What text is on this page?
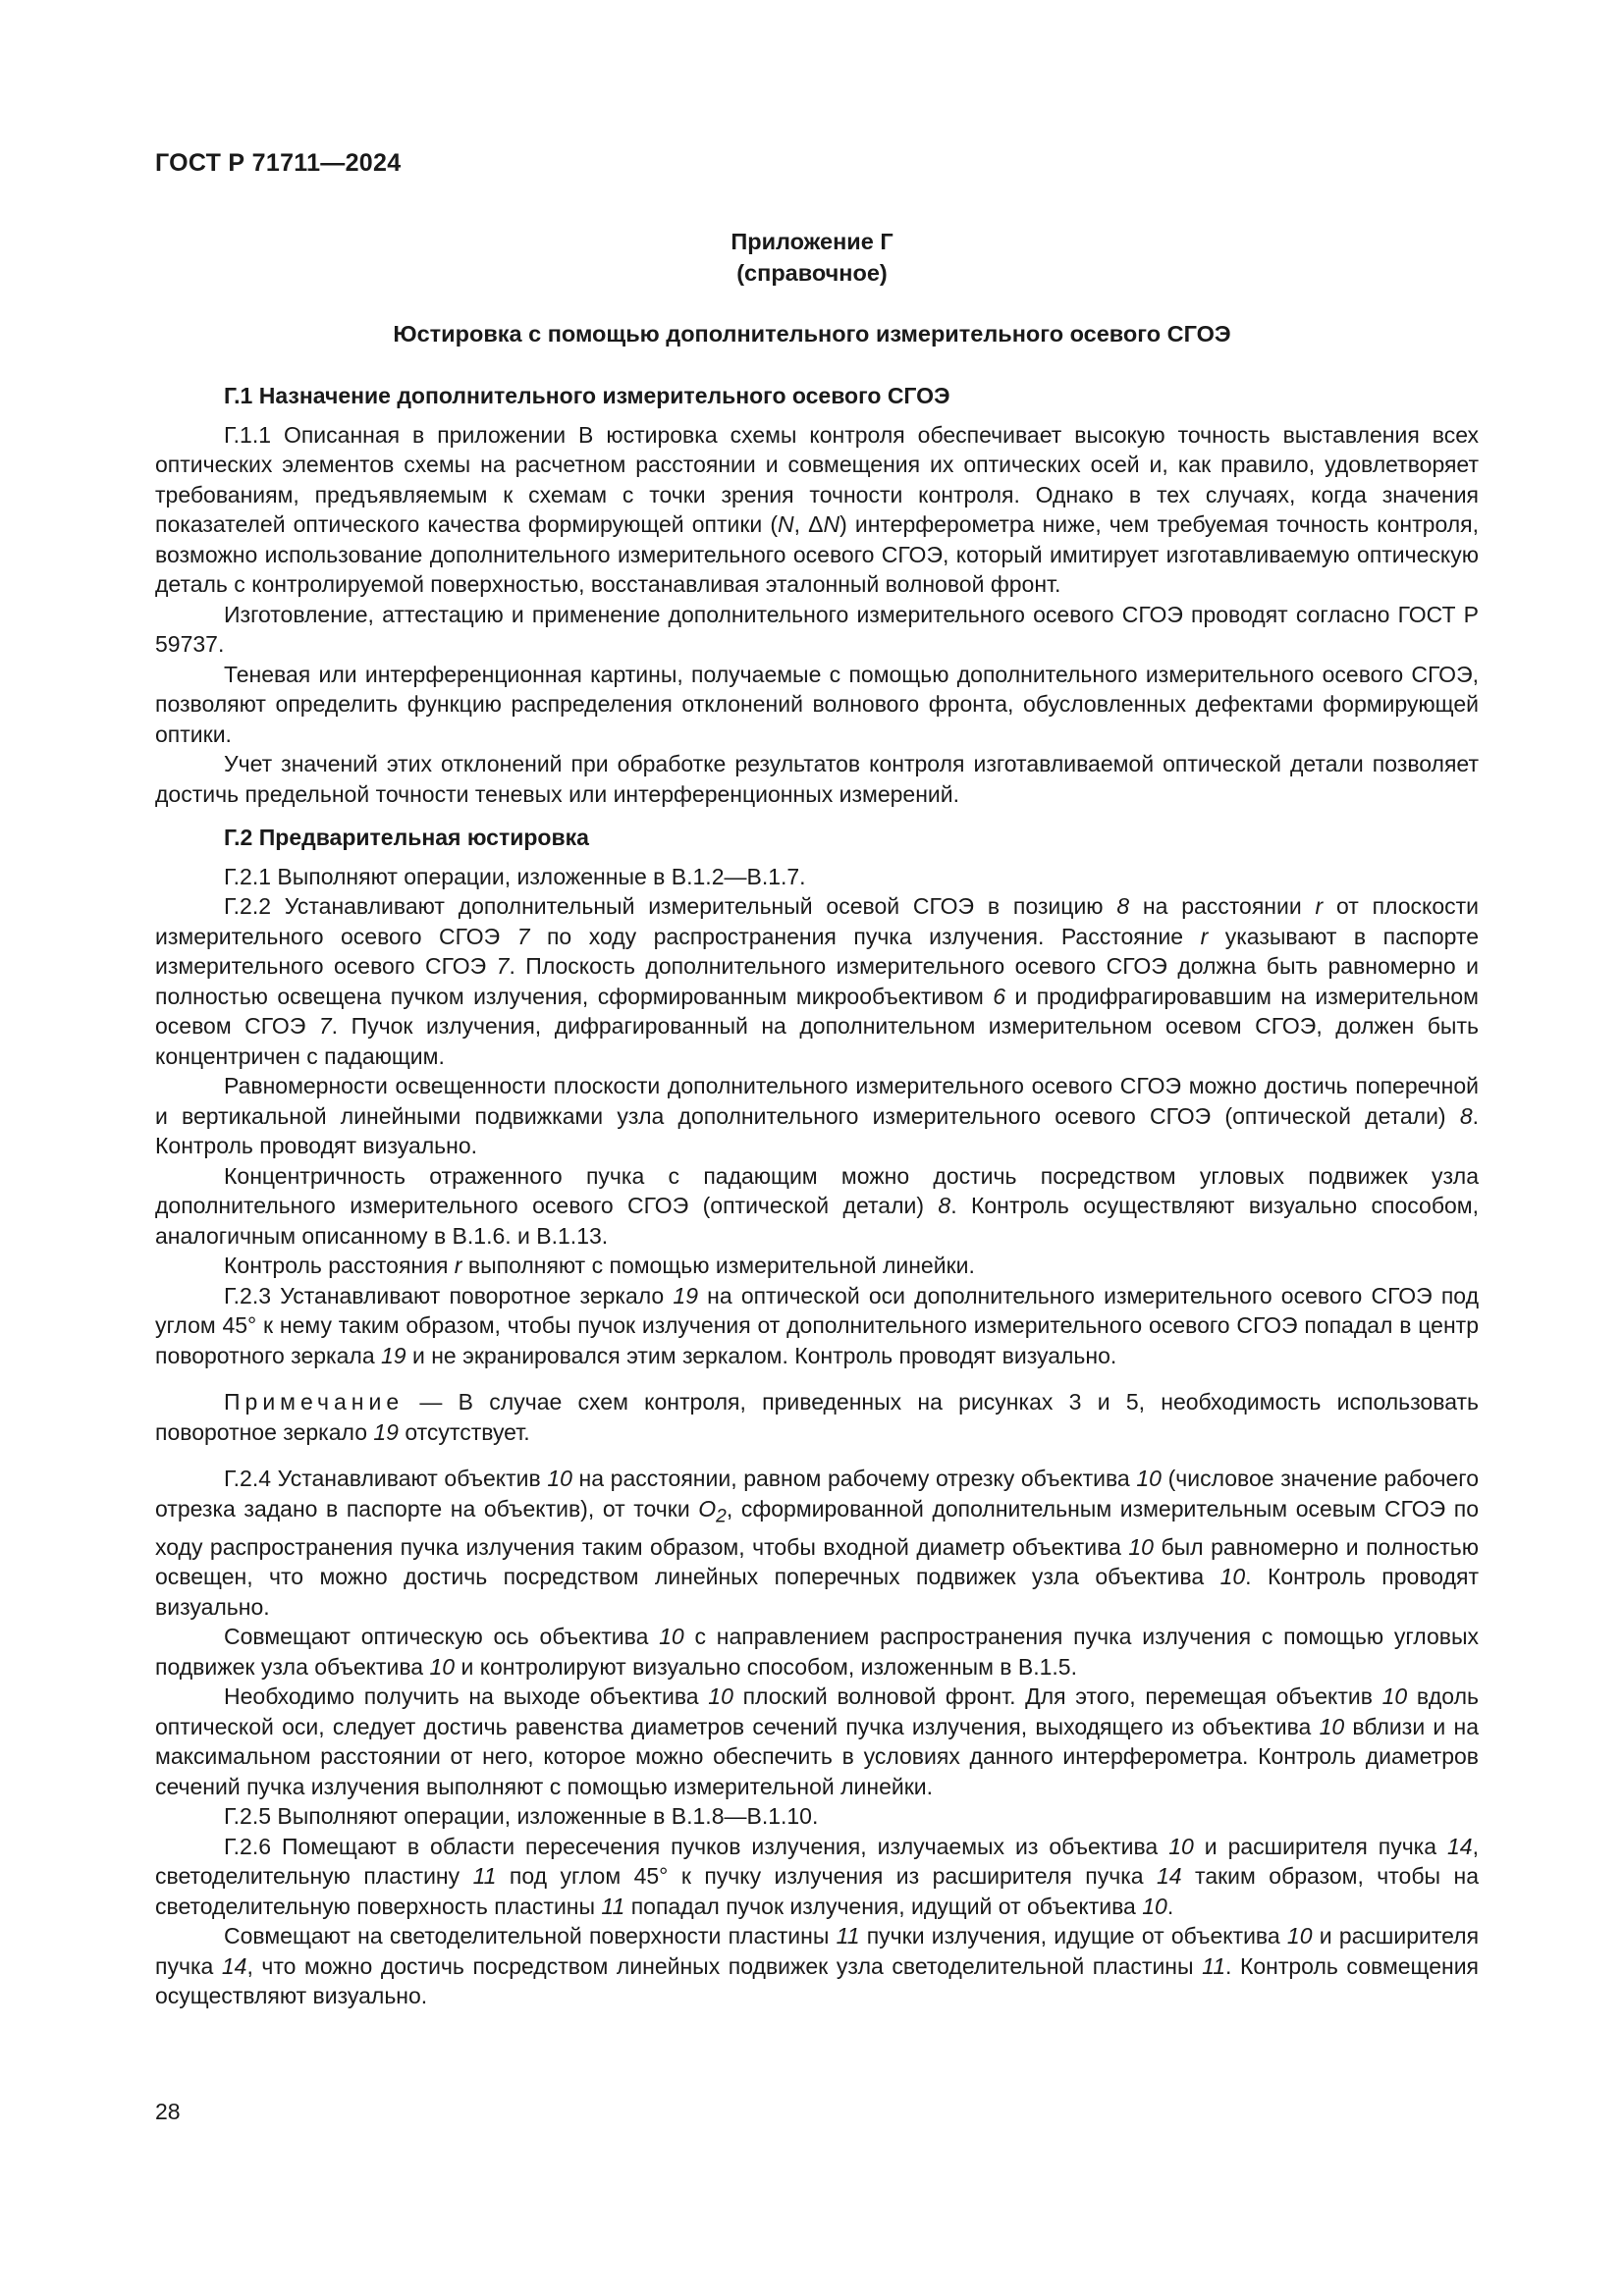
ГОСТ Р 71711—2024
Приложение Г
(справочное)
Юстировка с помощью дополнительного измерительного осевого СГОЭ

Г.1 Назначение дополнительного измерительного осевого СГОЭ

Г.1.1 Описанная в приложении В юстировка схемы контроля обеспечивает высокую точность выставления всех оптических элементов схемы на расчетном расстоянии и совмещения их оптических осей и, как правило, удовлетворяет требованиям, предъявляемым к схемам с точки зрения точности контроля. Однако в тех случаях, когда значения показателей оптического качества формирующей оптики (N, ΔN) интерферометра ниже, чем требуемая точность контроля, возможно использование дополнительного измерительного осевого СГОЭ, который имитирует изготавливаемую оптическую деталь с контролируемой поверхностью, восстанавливая эталонный волновой фронт.

Изготовление, аттестацию и применение дополнительного измерительного осевого СГОЭ проводят согласно ГОСТ Р 59737.

Теневая или интерференционная картины, получаемые с помощью дополнительного измерительного осевого СГОЭ, позволяют определить функцию распределения отклонений волнового фронта, обусловленных дефектами формирующей оптики.

Учет значений этих отклонений при обработке результатов контроля изготавливаемой оптической детали позволяет достичь предельной точности теневых или интерференционных измерений.

Г.2 Предварительная юстировка

Г.2.1 Выполняют операции, изложенные в В.1.2—В.1.7.

Г.2.2 Устанавливают дополнительный измерительный осевой СГОЭ в позицию 8 на расстоянии r от плоскости измерительного осевого СГОЭ 7 по ходу распространения пучка излучения. Расстояние r указывают в паспорте измерительного осевого СГОЭ 7. Плоскость дополнительного измерительного осевого СГОЭ должна быть равномерно и полностью освещена пучком излучения, сформированным микрообъективом 6 и продифрагировавшим на измерительном осевом СГОЭ 7. Пучок излучения, дифрагированный на дополнительном измерительном осевом СГОЭ, должен быть концентричен с падающим.

Равномерности освещенности плоскости дополнительного измерительного осевого СГОЭ можно достичь поперечной и вертикальной линейными подвижками узла дополнительного измерительного осевого СГОЭ (оптической детали) 8. Контроль проводят визуально.

Концентричность отраженного пучка с падающим можно достичь посредством угловых подвижек узла дополнительного измерительного осевого СГОЭ (оптической детали) 8. Контроль осуществляют визуально способом, аналогичным описанному в В.1.6. и В.1.13.

Контроль расстояния r выполняют с помощью измерительной линейки.

Г.2.3 Устанавливают поворотное зеркало 19 на оптической оси дополнительного измерительного осевого СГОЭ под углом 45° к нему таким образом, чтобы пучок излучения от дополнительного измерительного осевого СГОЭ попадал в центр поворотного зеркала 19 и не экранировался этим зеркалом. Контроль проводят визуально.

Примечание — В случае схем контроля, приведенных на рисунках 3 и 5, необходимость использовать поворотное зеркало 19 отсутствует.

Г.2.4 Устанавливают объектив 10 на расстоянии, равном рабочему отрезку объектива 10 (числовое значение рабочего отрезка задано в паспорте на объектив), от точки $O_2$, сформированной дополнительным измерительным осевым СГОЭ по ходу распространения пучка излучения таким образом, чтобы входной диаметр объектива 10 был равномерно и полностью освещен, что можно достичь посредством линейных поперечных подвижек узла объектива 10. Контроль проводят визуально.

Совмещают оптическую ось объектива 10 с направлением распространения пучка излучения с помощью угловых подвижек узла объектива 10 и контролируют визуально способом, изложенным в В.1.5.

Необходимо получить на выходе объектива 10 плоский волновой фронт. Для этого, перемещая объектив 10 вдоль оптической оси, следует достичь равенства диаметров сечений пучка излучения, выходящего из объектива 10 вблизи и на максимальном расстоянии от него, которое можно обеспечить в условиях данного интерферометра. Контроль диаметров сечений пучка излучения выполняют с помощью измерительной линейки.

Г.2.5 Выполняют операции, изложенные в В.1.8—В.1.10.

Г.2.6 Помещают в области пересечения пучков излучения, излучаемых из объектива 10 и расширителя пучка 14, светоделительную пластину 11 под углом 45° к пучку излучения из расширителя пучка 14 таким образом, чтобы на светоделительную поверхность пластины 11 попадал пучок излучения, идущий от объектива 10.

Совмещают на светоделительной поверхности пластины 11 пучки излучения, идущие от объектива 10 и расширителя пучка 14, что можно достичь посредством линейных подвижек узла светоделительной пластины 11. Контроль совмещения осуществляют визуально.

28
